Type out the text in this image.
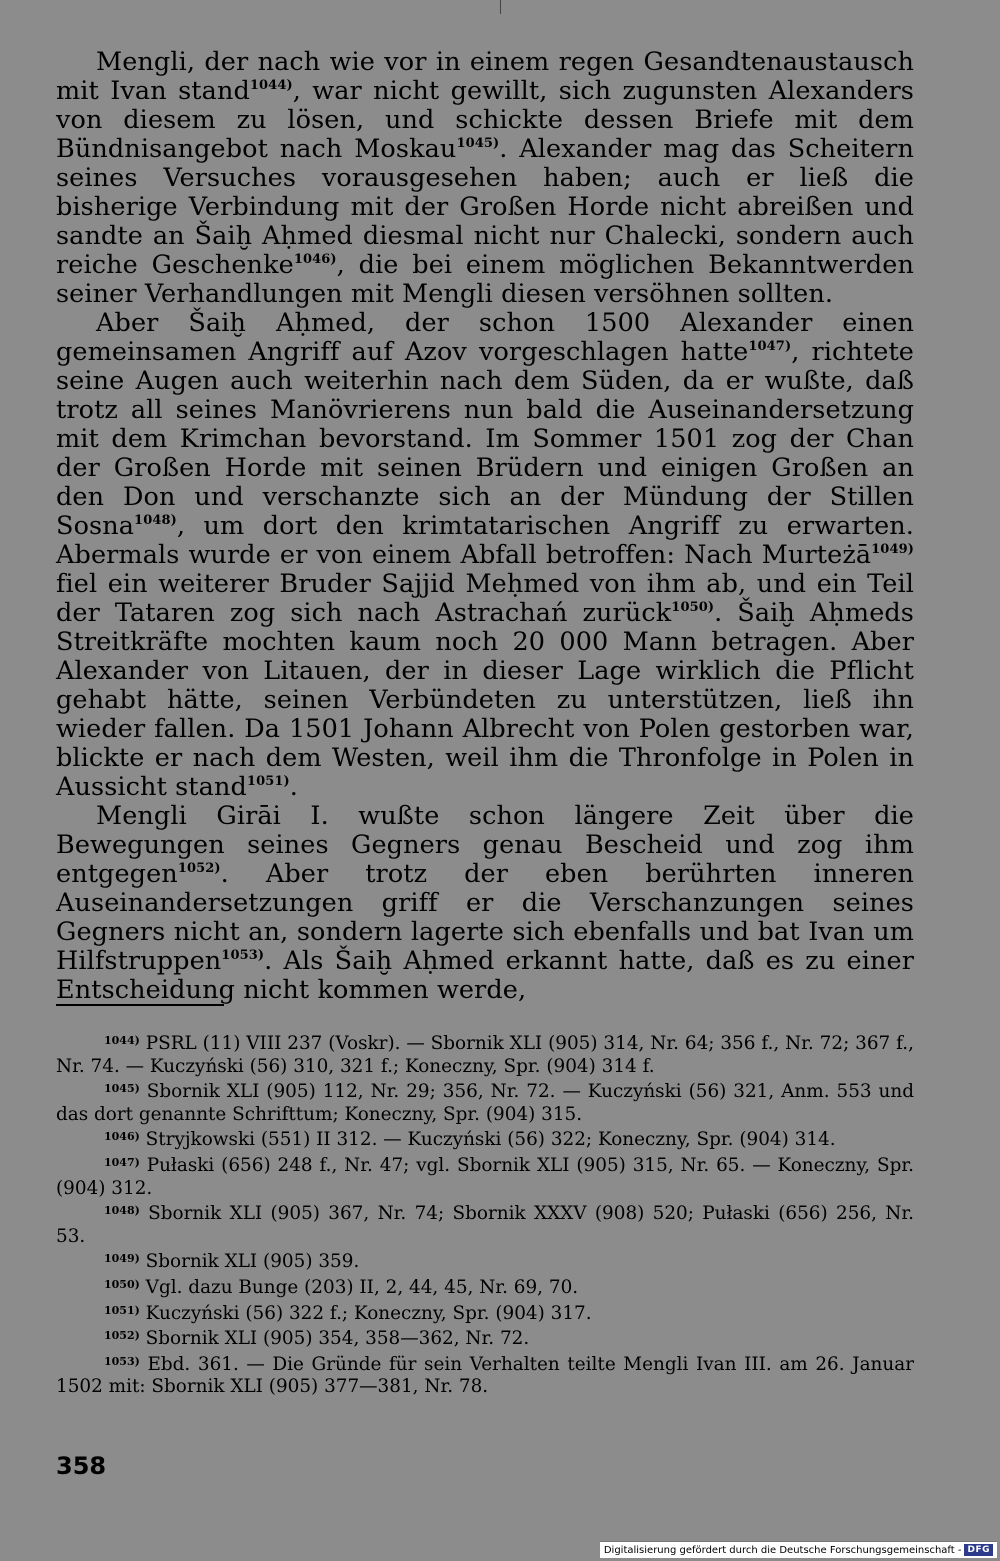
Mengli, der nach wie vor in einem regen Gesandtenaustausch mit Ivan stand$^{1044)}$, war nicht gewillt, sich zugunsten Alexanders von diesem zu lösen, und schickte dessen Briefe mit dem Bündnisangebot nach Moskau$^{1045)}$. Alexander mag das Scheitern seines Versuches vorausgesehen haben; auch er ließ die bisherige Verbindung mit der Großen Horde nicht abreißen und sandte an Šaiḫ Aḥmed diesmal nicht nur Chalecki, sondern auch reiche Geschenke$^{1046)}$, die bei einem möglichen Bekanntwerden seiner Verhandlungen mit Mengli diesen versöhnen sollten.

Aber Šaiḫ Aḥmed, der schon 1500 Alexander einen gemeinsamen Angriff auf Azov vorgeschlagen hatte$^{1047)}$, richtete seine Augen auch weiterhin nach dem Süden, da er wußte, daß trotz all seines Manövrierens nun bald die Auseinandersetzung mit dem Krimchan bevorstand. Im Sommer 1501 zog der Chan der Großen Horde mit seinen Brüdern und einigen Großen an den Don und verschanzte sich an der Mündung der Stillen Sosna$^{1048)}$, um dort den krimtatarischen Angriff zu erwarten. Abermals wurde er von einem Abfall betroffen: Nach Murteżā$^{1049)}$ fiel ein weiterer Bruder Sajjid Meḥmed von ihm ab, und ein Teil der Tataren zog sich nach Astrachań zurück$^{1050)}$. Šaiḫ Aḥmeds Streitkräfte mochten kaum noch 20 000 Mann betragen. Aber Alexander von Litauen, der in dieser Lage wirklich die Pflicht gehabt hätte, seinen Verbündeten zu unterstützen, ließ ihn wieder fallen. Da 1501 Johann Albrecht von Polen gestorben war, blickte er nach dem Westen, weil ihm die Thronfolge in Polen in Aussicht stand$^{1051)}$.

Mengli Girāi I. wußte schon längere Zeit über die Bewegungen seines Gegners genau Bescheid und zog ihm entgegen$^{1052)}$. Aber trotz der eben berührten inneren Auseinandersetzungen griff er die Verschanzungen seines Gegners nicht an, sondern lagerte sich ebenfalls und bat Ivan um Hilfstruppen$^{1053)}$. Als Šaiḫ Aḥmed erkannt hatte, daß es zu einer Entscheidung nicht kommen werde,

$^{1044)}$ PSRL (11) VIII 237 (Voskr). — Sbornik XLI (905) 314, Nr. 64; 356 f., Nr. 72; 367 f., Nr. 74. — Kuczyński (56) 310, 321 f.; Koneczny, Spr. (904) 314 f.
$^{1045)}$ Sbornik XLI (905) 112, Nr. 29; 356, Nr. 72. — Kuczyński (56) 321, Anm. 553 und das dort genannte Schrifttum; Koneczny, Spr. (904) 315.
$^{1046)}$ Stryjkowski (551) II 312. — Kuczyński (56) 322; Koneczny, Spr. (904) 314.
$^{1047)}$ Pułaski (656) 248 f., Nr. 47; vgl. Sbornik XLI (905) 315, Nr. 65. — Koneczny, Spr. (904) 312.
$^{1048)}$ Sbornik XLI (905) 367, Nr. 74; Sbornik XXXV (908) 520; Pułaski (656) 256, Nr. 53.
$^{1049)}$ Sbornik XLI (905) 359.
$^{1050)}$ Vgl. dazu Bunge (203) II, 2, 44, 45, Nr. 69, 70.
$^{1051)}$ Kuczyński (56) 322 f.; Koneczny, Spr. (904) 317.
$^{1052)}$ Sbornik XLI (905) 354, 358—362, Nr. 72.
$^{1053)}$ Ebd. 361. — Die Gründe für sein Verhalten teilte Mengli Ivan III. am 26. Januar 1502 mit: Sbornik XLI (905) 377—381, Nr. 78.
358
Digitalisierung gefördert durch die Deutsche Forschungsgemeinschaft - DFG
